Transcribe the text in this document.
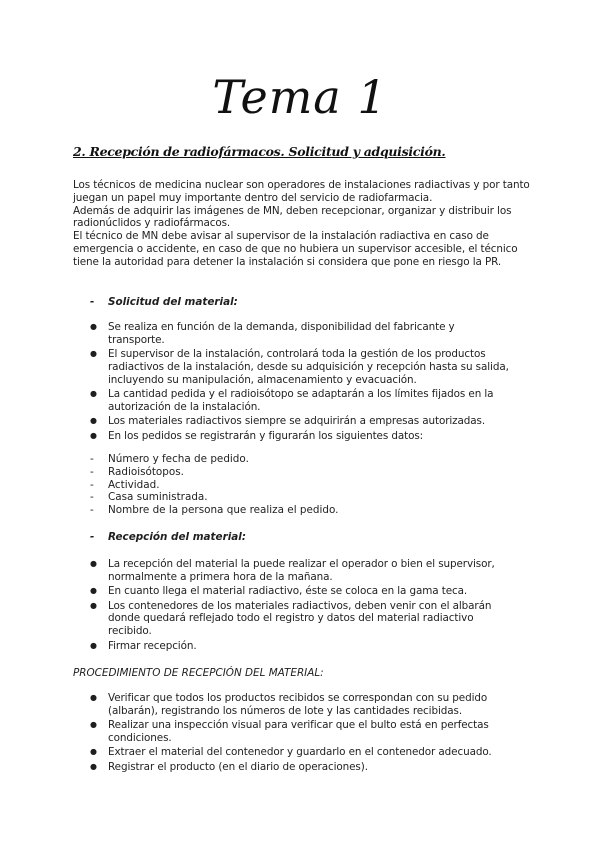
Tema 1
2. Recepción de radiofármacos. Solicitud y adquisición.

Los técnicos de medicina nuclear son operadores de instalaciones radiactivas y por tanto juegan un papel muy importante dentro del servicio de radiofarmacia.

Además de adquirir las imágenes de MN, deben recepcionar, organizar y distribuir los radionúclidos y radiofármacos.

El técnico de MN debe avisar al supervisor de la instalación radiactiva en caso de emergencia o accidente, en caso de que no hubiera un supervisor accesible, el técnico tiene la autoridad para detener la instalación si considera que pone en riesgo la PR.

- Solicitud del material:
● Se realiza en función de la demanda, disponibilidad del fabricante y transporte.
● El supervisor de la instalación, controlará toda la gestión de los productos radiactivos de la instalación, desde su adquisición y recepción hasta su salida, incluyendo su manipulación, almacenamiento y evacuación.
● La cantidad pedida y el radioisótopo se adaptarán a los límites fijados en la autorización de la instalación.
● Los materiales radiactivos siempre se adquirirán a empresas autorizadas.
● En los pedidos se registrarán y figurarán los siguientes datos:
- Número y fecha de pedido.
- Radioisótopos.
- Actividad.
- Casa suministrada.
- Nombre de la persona que realiza el pedido.
- Recepción del material:
● La recepción del material la puede realizar el operador o bien el supervisor, normalmente a primera hora de la mañana.
● En cuanto llega el material radiactivo, éste se coloca en la gama teca.
● Los contenedores de los materiales radiactivos, deben venir con el albarán donde quedará reflejado todo el registro y datos del material radiactivo recibido.
● Firmar recepción.
PROCEDIMIENTO DE RECEPCIÓN DEL MATERIAL:
● Verificar que todos los productos recibidos se correspondan con su pedido (albarán), registrando los números de lote y las cantidades recibidas.
● Realizar una inspección visual para verificar que el bulto está en perfectas condiciones.
● Extraer el material del contenedor y guardarlo en el contenedor adecuado.
● Registrar el producto (en el diario de operaciones).
